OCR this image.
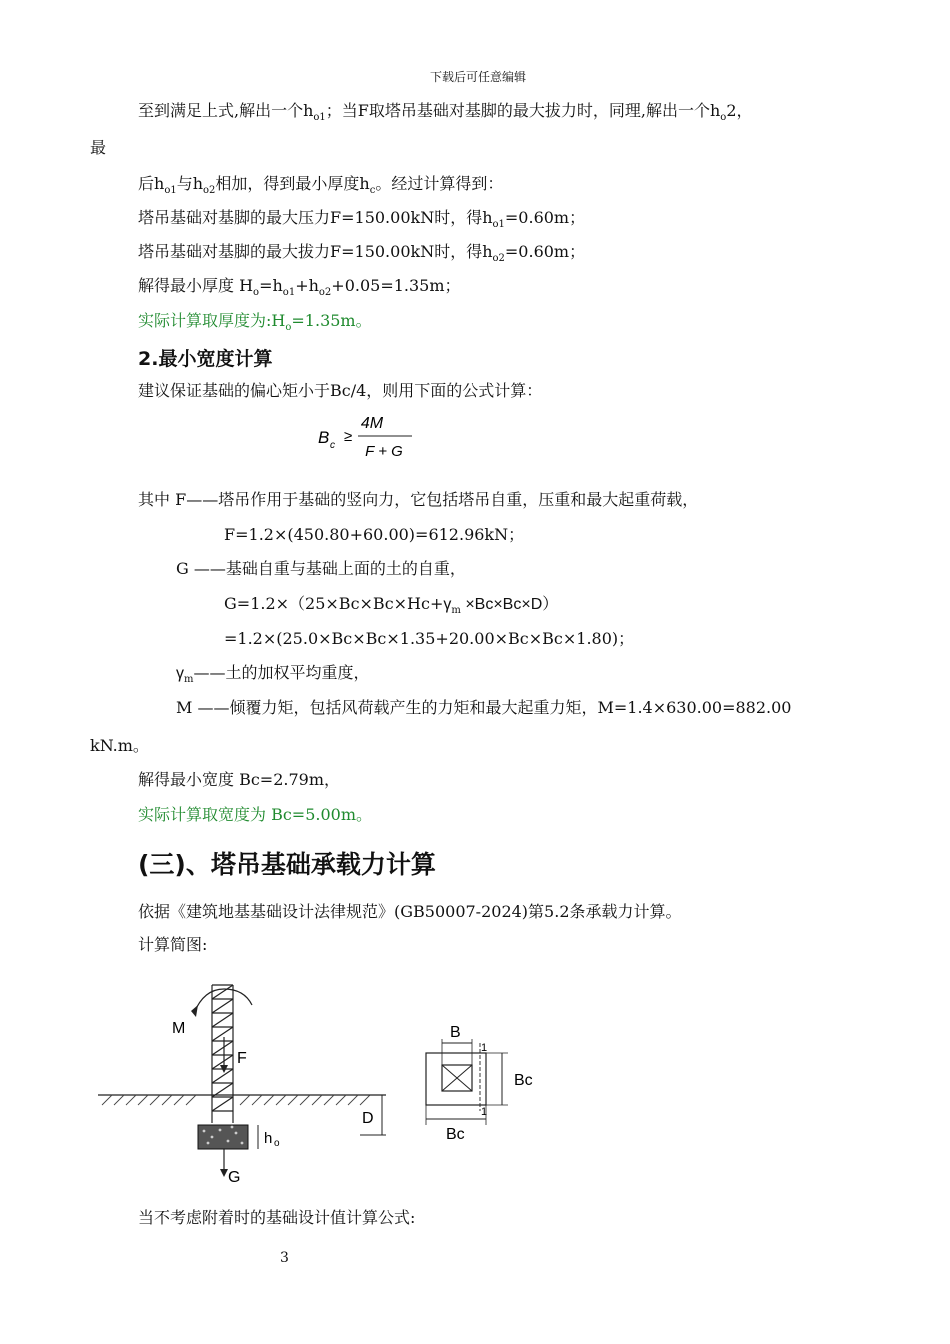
下载后可任意编辑
至到满足上式,解出一个$h_{o1}$；当F取塔吊基础对基脚的最大拔力时，同理,解出一个$h_o2$，
最
后$h_{o1}$与$h_{o2}$相加，得到最小厚度$h_c$。经过计算得到：
塔吊基础对基脚的最大压力F=150.00kN时，得$h_{o1}=0.60m$；
塔吊基础对基脚的最大拔力F=150.00kN时，得$h_{o2}=0.60m$；
解得最小厚度 $H_o=h_{o1}+h_{o2}+0.05=1.35m$；
实际计算取厚度为$:H_o=1.35m$。
2.最小宽度计算
建议保证基础的偏心矩小于Bc/4，则用下面的公式计算：
B c
≥
4M
F + G
其中 F——塔吊作用于基础的竖向力，它包括塔吊自重，压重和最大起重荷载，
F=1.2×(450.80+60.00)=612.96kN；
G ——基础自重与基础上面的土的自重，
$G=1.2\times(25\times Bc\times Bc\times Hc+\gamma_m \times Bc\times Bc\times D)$
=1.2×(25.0×Bc×Bc×1.35+20.00×Bc×Bc×1.80)；
$\gamma_m——$土的加权平均重度，
M ——倾覆力矩，包括风荷载产生的力矩和最大起重力矩，M=1.4×630.00=882.00
kN.m。
解得最小宽度 Bc=2.79m，
实际计算取宽度为 Bc=5.00m。
(三)、塔吊基础承载力计算
依据《建筑地基基础设计法律规范》(GB50007-2024)第5.2条承载力计算。
计算简图:
M
F
D
h o
G
1
1
B
Bc
Bc
当不考虑附着时的基础设计值计算公式:
3
